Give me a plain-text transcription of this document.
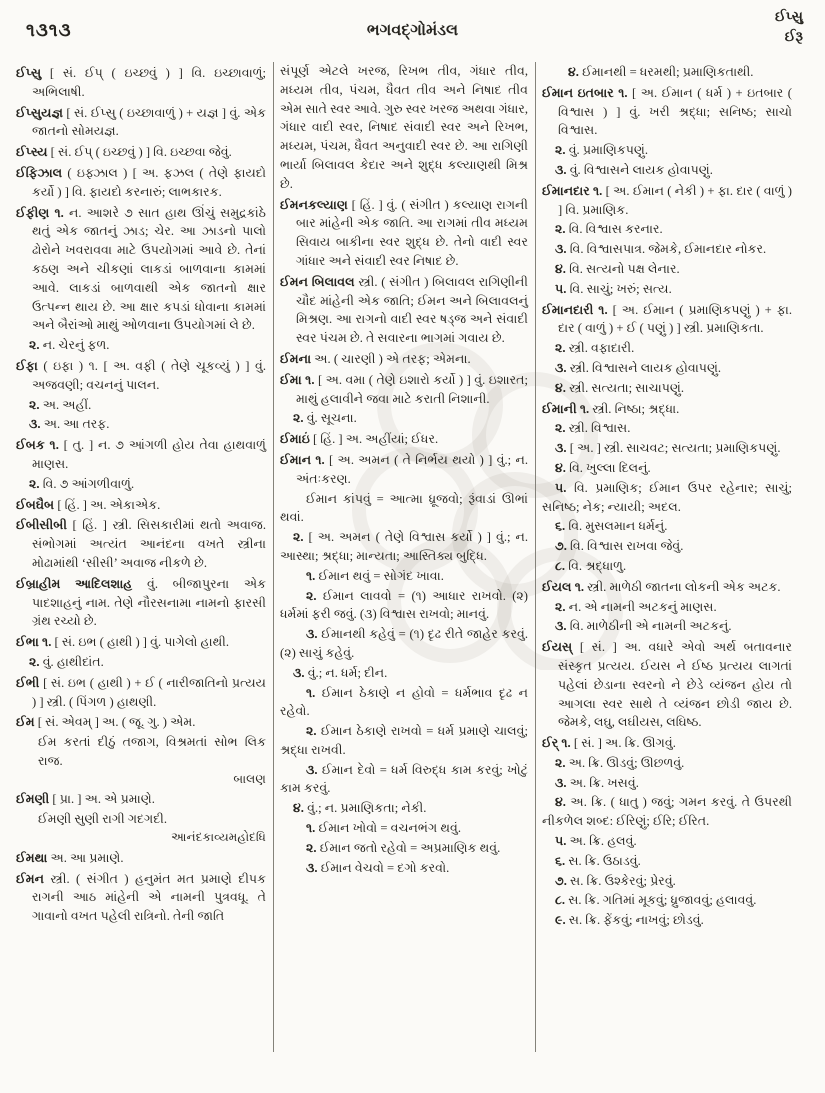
૧૩૧૩	ભગવદ્ગોમંડલ
ઈપ્સુ
ઈરૂ
ઈપ્સુ [ સં. ઈપ્ ( ઇચ્છવું ) ] વિ. ઇચ્છાવાળું; અભિલાષી.
ઈપ્સુયજ્ઞ [ સં. ઈપ્સુ ( ઇચ્છાવાળું ) + યજ્ઞ ] વું. એક જાતનો સોમયજ્ઞ.
ઈપ્સ્ય [ સં. ઈપ્ ( ઇચ્છવું ) ] વિ. ઇચ્છવા જેવું.
ઈફિઝાલ ( ઇફ્ઝાલ ) [ અ. ફઝલ ( તેણે ફાયદો કર્યો ) ] વિ. ફાયદો કરનારું; લાભકારક.
ઈફીણ ૧. ન. આશરે ૭ સાત હાથ ઊંચું સમુદ્રકાંઠે થતું એક જાતનું ઝાડ; ચેર. આ ઝાડનો પાલો ઢોરોને ખવરાવવા માટે ઉપયોગમાં આવે છે. તેનાં કઠણ અને ચીકણાં લાકડાં બાળવાના કામમાં આવે. લાકડાં બાળવાથી એક જાતનો ક્ષાર ઉત્પન્ન થાય છે. આ ક્ષાર કપડાં ધોવાના કામમાં અને બૈરાંઓ માથું ઓળવાના ઉપયોગમાં લે છે.
૨. ન. ચેરનું ફળ.
ઈફા ( ઇફા ) ૧. [ અ. વફી ( તેણે ચૂકવ્યું ) ] વું. અજવણી; વચનનું પાલન.
૨. અ. અહીં.
૩. અ. આ તરફ.
ઈબક ૧. [ તુ. ] ન. ૭ આંગળી હોય તેવા હાથવાળું માણસ.
૨. વિ. ૭ આંગળીવાળું.
ઈબઘૈબ [ હિં. ] અ. એકાએક.
ઈબીસીબી [ હિં. ] સ્ત્રી. સિસકારીમાં થતો અવાજ. સંભોગમાં અત્યંત આનંદના વખતે સ્ત્રીના મોઢામાંથી ‘સીસી’ અવાજ નીકળે છે.
ઈબ્રાહીમ આદિલશાહ વું. બીજાપુરના એક પાદશાહનું નામ. તેણે નૌરસનામા નામનો ફારસી ગ્રંથ રચ્યો છે.
ઈભા ૧. [ સં. ઇભ ( હાથી ) ] વું. પાગેલો હાથી.
૨. વું. હાથીદાંત.
ઈભી [ સં. ઇભ ( હાથી ) + ઈ ( નારીજાતિનો પ્રત્યય ) ] સ્ત્રી. ( પિંગળ ) હાથણી.
ઈમ [ સં. એવમ્ ] અ. ( જૂ. ગુ. ) એમ.
ઈમ કરતાં દીઠું તજાગ, વિશ્રમતાં સોભ લિક રાજ.
બાલણ
ઈમણી [ પ્રા. ] અ. એ પ્રમાણે.
ઈમણી સુણી રાગી ગદગદી.
આનંદકાવ્યમહોદધિ
ઈમથા અ. આ પ્રમાણે.
ઈમન સ્ત્રી. ( સંગીત ) હનુમંત મત પ્રમાણે દીપક રાગની આઠ માંહેની એ નામની પુત્રવધૂ. તે ગાવાનો વખત પહેલી રાત્રિનો. તેની જાતિ
સંપૂર્ણ એટલે ખરજ, રિખભ તીવ, ગંધાર તીવ, મધ્યમ તીવ, પંચમ, ધૈવત તીવ અને નિષાદ તીવ એમ સાતે સ્વર આવે. ગુરુ સ્વર ખરજ અથવા ગંધાર, ગંધાર વાદી સ્વર, નિષાદ સંવાદી સ્વર અને રિખભ, મધ્યમ, પંચમ, ધૈવત અનુવાદી સ્વર છે. આ રાગિણી ભાર્યા બિલાવલ કેદાર અને શુદ્ધ કલ્યાણથી મિશ્ર છે.
ઈમનકલ્યાણ [ હિં. ] વું. ( સંગીત ) કલ્યાણ રાગની બાર માંહેની એક જાતિ. આ રાગમાં તીવ મધ્યમ સિવાય બાકીના સ્વર શુદ્ધ છે. તેનો વાદી સ્વર ગાંધાર અને સંવાદી સ્વર નિષાદ છે.
ઈમન બિલાવલ સ્ત્રી. ( સંગીત ) બિલાવલ રાગિણીની ચૌદ માંહેની એક જાતિ; ઈમન અને બિલાવલનું મિશ્રણ. આ રાગનો વાદી સ્વર ષડ્જ અને સંવાદી સ્વર પંચમ છે. તે સવારના ભાગમાં ગવાય છે.
ઈમના અ. ( ચારણી ) એ તરફ; એમના.
ઈમા ૧. [ અ. વમા ( તેણે ઇશારો કર્યો ) ] વું. ઇશારત; માથું હલાવીને જવા માટે કરાતી નિશાની.
૨. વું. સૂચના.
ઈમાઇં [ હિં. ] અ. અહીંયાં; ઈધર.
ઈમાન ૧. [ અ. અમન ( તે નિર્ભય થયો ) ] વું.; ન. અંતઃકરણ.
ઈમાન કાંપવું = આત્મા ધ્રૂજવો; રૂંવાડાં ઊભાં થવાં.
૨. [ અ. અમન ( તેણે વિશ્વાસ કર્યો ) ] વું.; ન. આસ્થા; શ્રદ્ધા; માન્યતા; આસ્તિક્ય બુદ્ધિ.
૧. ઈમાન થવું = સોગંદ ખાવા.
૨. ઈમાન લાવવો = (૧) આધાર રાખવો. (૨) ધર્મમાં ફરી જવું. (૩) વિશ્વાસ રાખવો; માનવું.
૩. ઈમાનથી કહેવું = (૧) દૃઢ રીતે જાહેર કરવું. (૨) સાચું કહેવું.
૩. વું.; ન. ધર્મ; દીન.
૧. ઈમાન ઠેકાણે ન હોવો = ધર્મભાવ દૃઢ ન રહેવો.
૨. ઈમાન ઠેકાણે રાખવો = ધર્મ પ્રમાણે ચાલવું; શ્રદ્ધા રાખવી.
૩. ઈમાન દેવો = ધર્મ વિરુદ્ધ કામ કરવું; ખોટું કામ કરવું.
૪. વું.; ન. પ્રમાણિકતા; નેકી.
૧. ઈમાન ખોવો = વચનભંગ થવું.
૨. ઈમાન જતો રહેવો = અપ્રમાણિક થવું.
૩. ઈમાન વેચવો = દગો કરવો.
૪. ઈમાનથી = ધરમથી; પ્રમાણિકતાથી.
ઈમાન ઇતબાર ૧. [ અ. ઈમાન ( ધર્મ ) + ઇતબાર ( વિશ્વાસ ) ] વું. ખરી શ્રદ્ધા; સનિષ્ઠ; સાચો વિશ્વાસ.
૨. વું. પ્રમાણિકપણું.
૩. વું. વિશ્વાસને લાયક હોવાપણું.
ઈમાનદાર ૧. [ અ. ઈમાન ( નેકી ) + ફા. દાર ( વાળું ) ] વિ. પ્રમાણિક.
૨. વિ. વિશ્વાસ કરનાર.
૩. વિ. વિશ્વાસપાત્ર. જેમકે, ઈમાનદાર નોકર.
૪. વિ. સત્યનો પક્ષ લેનાર.
૫. વિ. સાચું; ખરું; સત્ય.
ઈમાનદારી ૧. [ અ. ઈમાન ( પ્રમાણિકપણું ) + ફા. દાર ( વાળું ) + ઈ ( પણું ) ] સ્ત્રી. પ્રમાણિકતા.
૨. સ્ત્રી. વફાદારી.
૩. સ્ત્રી. વિશ્વાસને લાયક હોવાપણું.
૪. સ્ત્રી. સત્યતા; સાચાપણું.
ઈમાની ૧. સ્ત્રી. નિષ્ઠા; શ્રદ્ધા.
૨. સ્ત્રી. વિશ્વાસ.
૩. [ અ. ] સ્ત્રી. સાચવટ; સત્યતા; પ્રમાણિકપણું.
૪. વિ. ખુલ્લા દિલનું.
૫. વિ. પ્રમાણિક; ઈમાન ઉપર રહેનાર; સાચું; સનિષ્ઠ; નેક; ન્યાયી; અદલ.
૬. વિ. મુસલમાન ધર્મનું.
૭. વિ. વિશ્વાસ રાખવા જેવું.
૮. વિ. શ્રદ્ધાળુ.
ઈયલ ૧. સ્ત્રી. માળેઠી જાતના લોકની એક અટક.
૨. ન. એ નામની અટકનું માણસ.
૩. વિ. માળેઠીની એ નામની અટકનું.
ઈયસ્ [ સં. ] અ. વધારે એવો અર્થ બતાવનાર સંસ્કૃત પ્રત્યય. ઈયસ ને ઈષ્ઠ પ્રત્યય લાગતાં પહેલાં છેડાના સ્વરનો ને છેડે વ્યંજન હોય તો આગલા સ્વર સાથે તે વ્યંજન છોડી જાય છે. જેમકે, લઘુ, લઘીયસ, લઘિષ્ઠ.
ઈર્ ૧. [ સં. ] અ. ક્રિ. ઊગવું.
૨. અ. ક્રિ. ઊડવું; ઊછળવું.
૩. અ. ક્રિ. ખસવું.
૪. અ. ક્રિ. ( ધાતુ ) જવું; ગમન કરવું. તે ઉપરથી નીકળેલ શબ્દ: ઈરિણું; ઈરિ; ઈરિત.
૫. અ. ક્રિ. હલવું.
૬. સ. ક્રિ. ઉઠાડવું.
૭. સ. ક્રિ. ઉશ્કેરવું; પ્રેરવું.
૮. સ. ક્રિ. ગતિમાં મૂકવું; ધ્રુજાવવું; હલાવવું.
૯. સ. ક્રિ. ફેંકવું; નાખવું; છોડવું.
